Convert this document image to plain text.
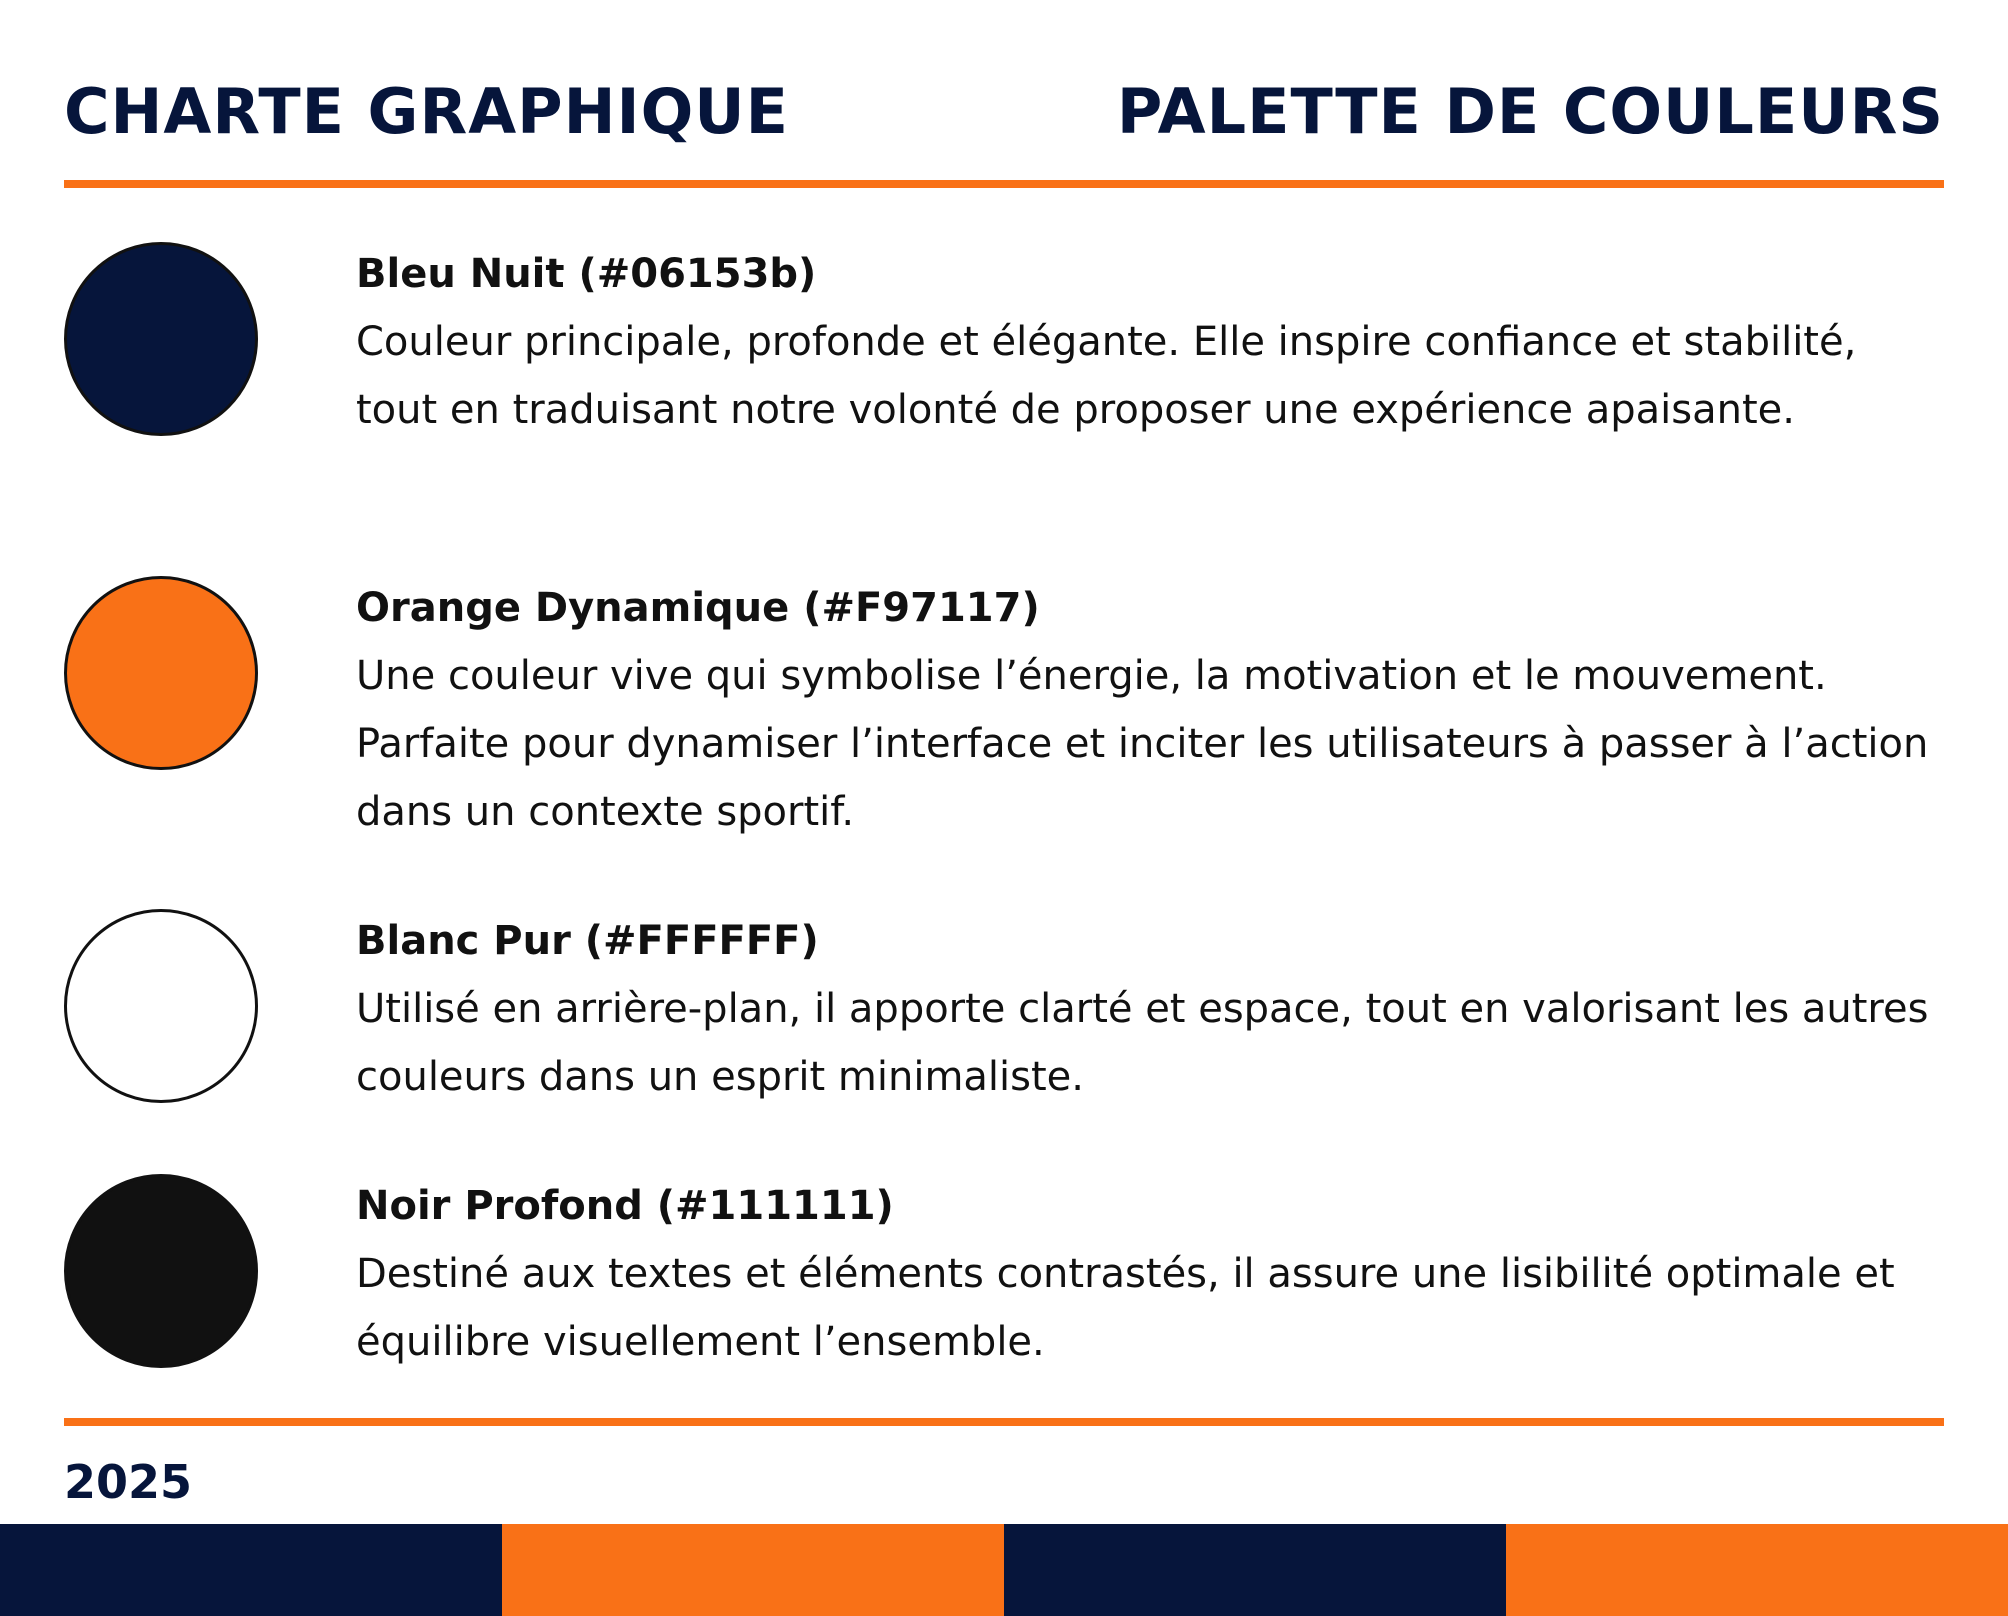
CHARTE GRAPHIQUE	PALETTE DE COULEURS
Bleu Nuit (#06153b)

Couleur principale, profonde et élégante. Elle inspire confiance et stabilité, tout en traduisant notre volonté de proposer une expérience apaisante.

Orange Dynamique (#F97117)

Une couleur vive qui symbolise l’énergie, la motivation et le mouvement. Parfaite pour dynamiser l’interface et inciter les utilisateurs à passer à l’action dans un contexte sportif.

Blanc Pur (#FFFFFF)

Utilisé en arrière-plan, il apporte clarté et espace, tout en valorisant les autres couleurs dans un esprit minimaliste.

Noir Profond (#111111)

Destiné aux textes et éléments contrastés, il assure une lisibilité optimale et équilibre visuellement l’ensemble.

2025
